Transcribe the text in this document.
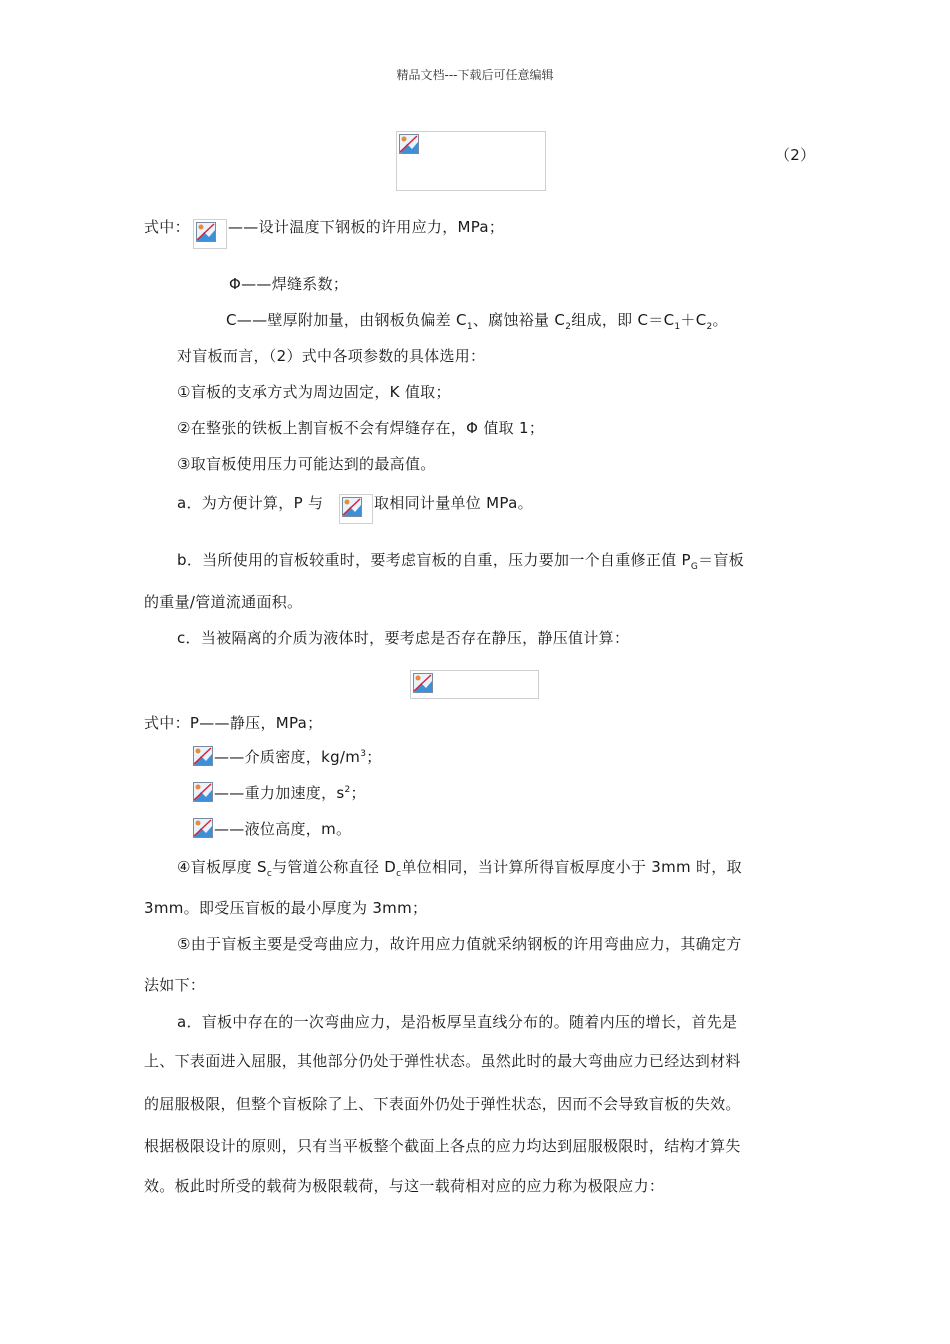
精品文档---下载后可任意编辑
（2）
式中：	——设计温度下钢板的许用应力，MPa；
Φ——焊缝系数；
C——壁厚附加量，由钢板负偏差 $C_1$、腐蚀裕量 $C_2$组成，即 $C=C_1+C_2$。
对盲板而言，（2）式中各项参数的具体选用：
①盲板的支承方式为周边固定，K 值取；
②在整张的铁板上割盲板不会有焊缝存在，Φ 值取 1；
③取盲板使用压力可能达到的最高值。
a．为方便计算，P 与	取相同计量单位 MPa。
b．当所使用的盲板较重时，要考虑盲板的自重，压力要加一个自重修正值 $P_G=$盲板
的重量/管道流通面积。
c．当被隔离的介质为液体时，要考虑是否存在静压，静压值计算：
式中：P——静压，MPa；
——介质密度，$kg/m^3$；
——重力加速度，$s^2$；
——液位高度，m。
④盲板厚度 $S_c$与管道公称直径 $D_c$单位相同，当计算所得盲板厚度小于 3mm 时，取
3mm。即受压盲板的最小厚度为 3mm；
⑤由于盲板主要是受弯曲应力，故许用应力值就采纳钢板的许用弯曲应力，其确定方
法如下：
a．盲板中存在的一次弯曲应力，是沿板厚呈直线分布的。随着内压的增长，首先是
上、下表面进入屈服，其他部分仍处于弹性状态。虽然此时的最大弯曲应力已经达到材料
的屈服极限，但整个盲板除了上、下表面外仍处于弹性状态，因而不会导致盲板的失效。
根据极限设计的原则，只有当平板整个截面上各点的应力均达到屈服极限时，结构才算失
效。板此时所受的载荷为极限载荷，与这一载荷相对应的应力称为极限应力：
